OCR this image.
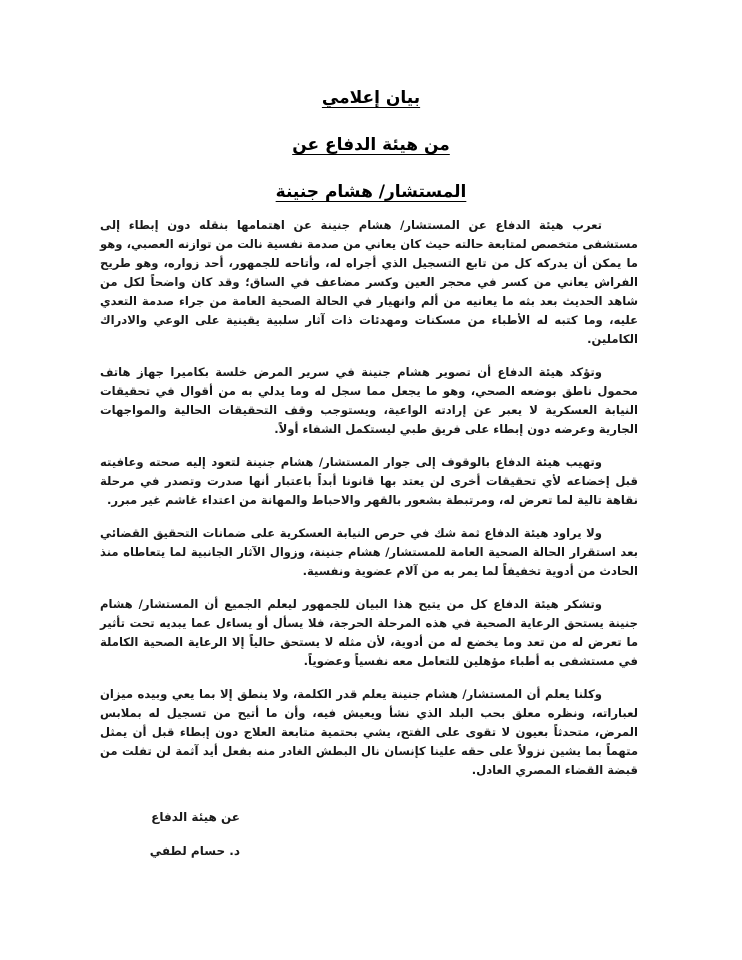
بيان إعلامي
من هيئة الدفاع عن
المستشار/ هشام جنينة

تعرب هيئة الدفاع عن المستشار/ هشام جنينة عن اهتمامها بنقله دون إبطاء إلى مستشفى متخصص لمتابعة حالته حيث كان يعاني من صدمة نفسية نالت من توازنه العصبي، وهو ما يمكن أن يدركه كل من تابع التسجيل الذي أجراه له، وأتاحه للجمهور، أحد زواره، وهو طريح الفراش يعاني من كسر في محجر العين وكسر مضاعف في الساق؛ وقد كان واضحاً لكل من شاهد الحديث بعد بثه ما يعانيه من ألم وانهيار في الحالة الصحية العامة من جراء صدمة التعدي عليه، وما كتبه له الأطباء من مسكنات ومهدئات ذات آثار سلبية يقينية على الوعي والادراك الكاملين.

وتؤكد هيئة الدفاع أن تصوير هشام جنينة في سرير المرض خلسة بكاميرا جهاز هاتف محمول ناطق بوضعه الصحي، وهو ما يجعل مما سجل له وما يدلي به من أقوال في تحقيقات النيابة العسكرية لا يعبر عن إرادته الواعية، ويستوجب وقف التحقيقات الحالية والمواجهات الجارية وعرضه دون إبطاء على فريق طبي ليستكمل الشفاء أولاً.

وتهيب هيئة الدفاع بالوقوف إلى جوار المستشار/ هشام جنينة لتعود إليه صحته وعافيته قبل إخضاعه لأي تحقيقات أخرى لن يعتد بها قانونا أبداً باعتبار أنها صدرت وتصدر في مرحلة نقاهة تالية لما تعرض له، ومرتبطة بشعور بالقهر والاحباط والمهانة من اعتداء غاشم غير مبرر.

ولا يراود هيئة الدفاع ثمة شك في حرص النيابة العسكرية على ضمانات التحقيق القضائي بعد استقرار الحالة الصحية العامة للمستشار/ هشام جنينة، وزوال الآثار الجانبية لما يتعاطاه منذ الحادث من أدوية تخفيفاً لما يمر به من آلام عضوية ونفسية.

وتشكر هيئة الدفاع كل من يتيح هذا البيان للجمهور ليعلم الجميع أن المستشار/ هشام جنينة يستحق الرعاية الصحية في هذه المرحلة الحرجة، فلا يسأل أو يساءل عما يبديه تحت تأثير ما تعرض له من تعد وما يخضع له من أدوية، لأن مثله لا يستحق حالياً إلا الرعاية الصحية الكاملة في مستشفى به أطباء مؤهلين للتعامل معه نفسياً وعضوياً.

وكلنا يعلم أن المستشار/ هشام جنينة يعلم قدر الكلمة، ولا ينطق إلا بما يعي وبيده ميزان لعباراته، ونظره معلق بحب البلد الذي نشأ ويعيش فيه، وأن ما أتيح من تسجيل له بملابس المرض، متحدثاً بعيون لا تقوى على الفتح، يشي بحتمية متابعة العلاج دون إبطاء قبل أن يمثل متهماً بما يشين نزولاً على حقه علينا كإنسان نال البطش الغادر منه بفعل أيد آثمة لن تفلت من قبضة القضاء المصري العادل.

عن هيئة الدفاع
د. حسام لطفي
